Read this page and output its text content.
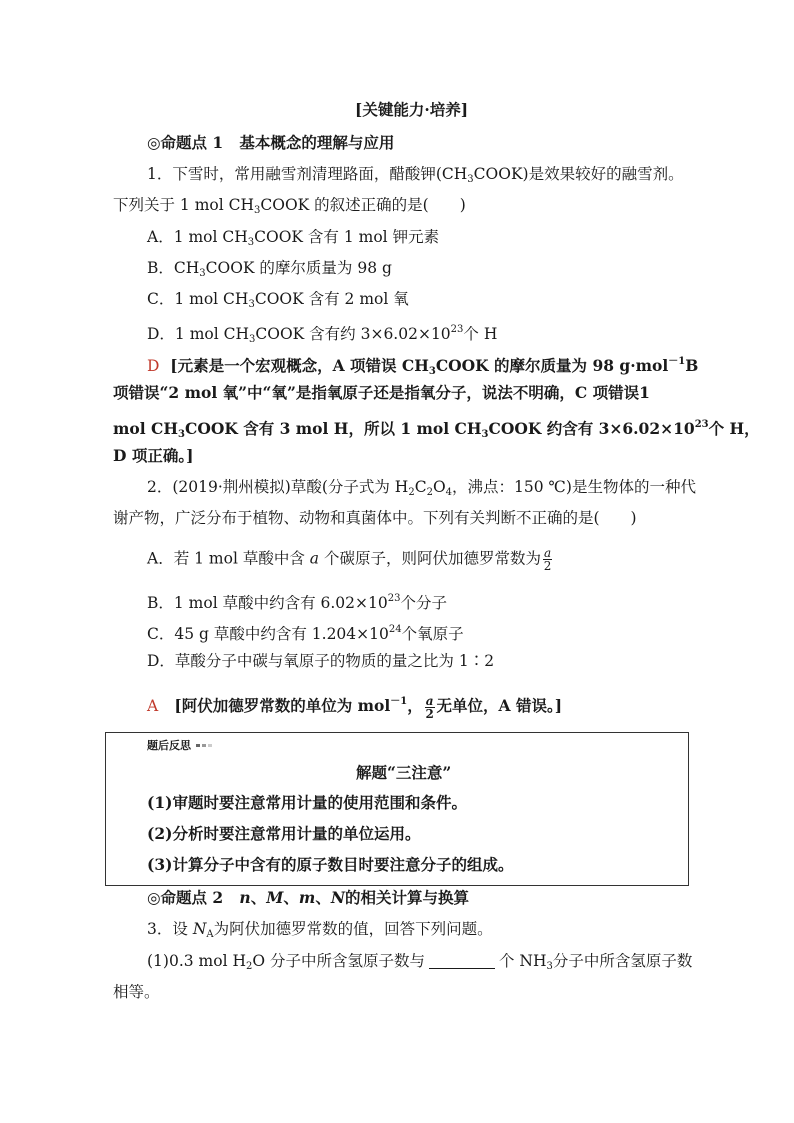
[关键能力·培养]
◎命题点 1 基本概念的理解与应用
1．下雪时，常用融雪剂清理路面，醋酸钾$(CH_3COOK)$是效果较好的融雪剂。
下列关于 1 mol $CH_3COOK$ 的叙述正确的是(　　)
A．1 mol $CH_3COOK$ 含有 1 mol 钾元素
B．$CH_3COOK$ 的摩尔质量为 98 g
C．1 mol $CH_3COOK$ 含有 2 mol 氧
D．1 mol $CH_3COOK$ 含有约 $3\times 6.02\times 10^{23}$个 H
D [元素是一个宏观概念，A 项错误 $CH_3COOK$ 的摩尔质量为 98 g·mol$^{-1}$B
项错误“2 mol 氧”中“氧”是指氧原子还是指氧分子，说法不明确，C 项错误1
mol $CH_3COOK$ 含有 3 mol H，所以 1 mol $CH_3COOK$ 约含有 $3\times 6.02\times 10^{23}$个 H，
D 项正确。]
2．(2019·荆州模拟)草酸(分子式为 $H_2C_2O_4$，沸点：150 ℃)是生物体的一种代
谢产物，广泛分布于植物、动物和真菌体中。下列有关判断不正确的是(　　)
A．若 1 mol 草酸中含 a 个碳原子，则阿伏加德罗常数为 $\frac{a}{2}$
B．1 mol 草酸中约含有 $6.02\times 10^{23}$个分子
C．45 g 草酸中约含有 $1.204\times 10^{24}$个氧原子
D．草酸分子中碳与氧原子的物质的量之比为 1∶2
A [阿伏加德罗常数的单位为 mol$^{-1}$， $\frac{a}{2}$ 无单位，A 错误。]
题后反思
解题“三注意”
(1)审题时要注意常用计量的使用范围和条件。
(2)分析时要注意常用计量的单位运用。
(3)计算分子中含有的原子数目时要注意分子的组成。
◎命题点 2 n、M、m、N的相关计算与换算
3．设 $N_A$为阿伏加德罗常数的值，回答下列问题。
(1)0.3 mol $H_2O$ 分子中所含氢原子数与	个 $NH_3$分子中所含氢原子数
相等。
